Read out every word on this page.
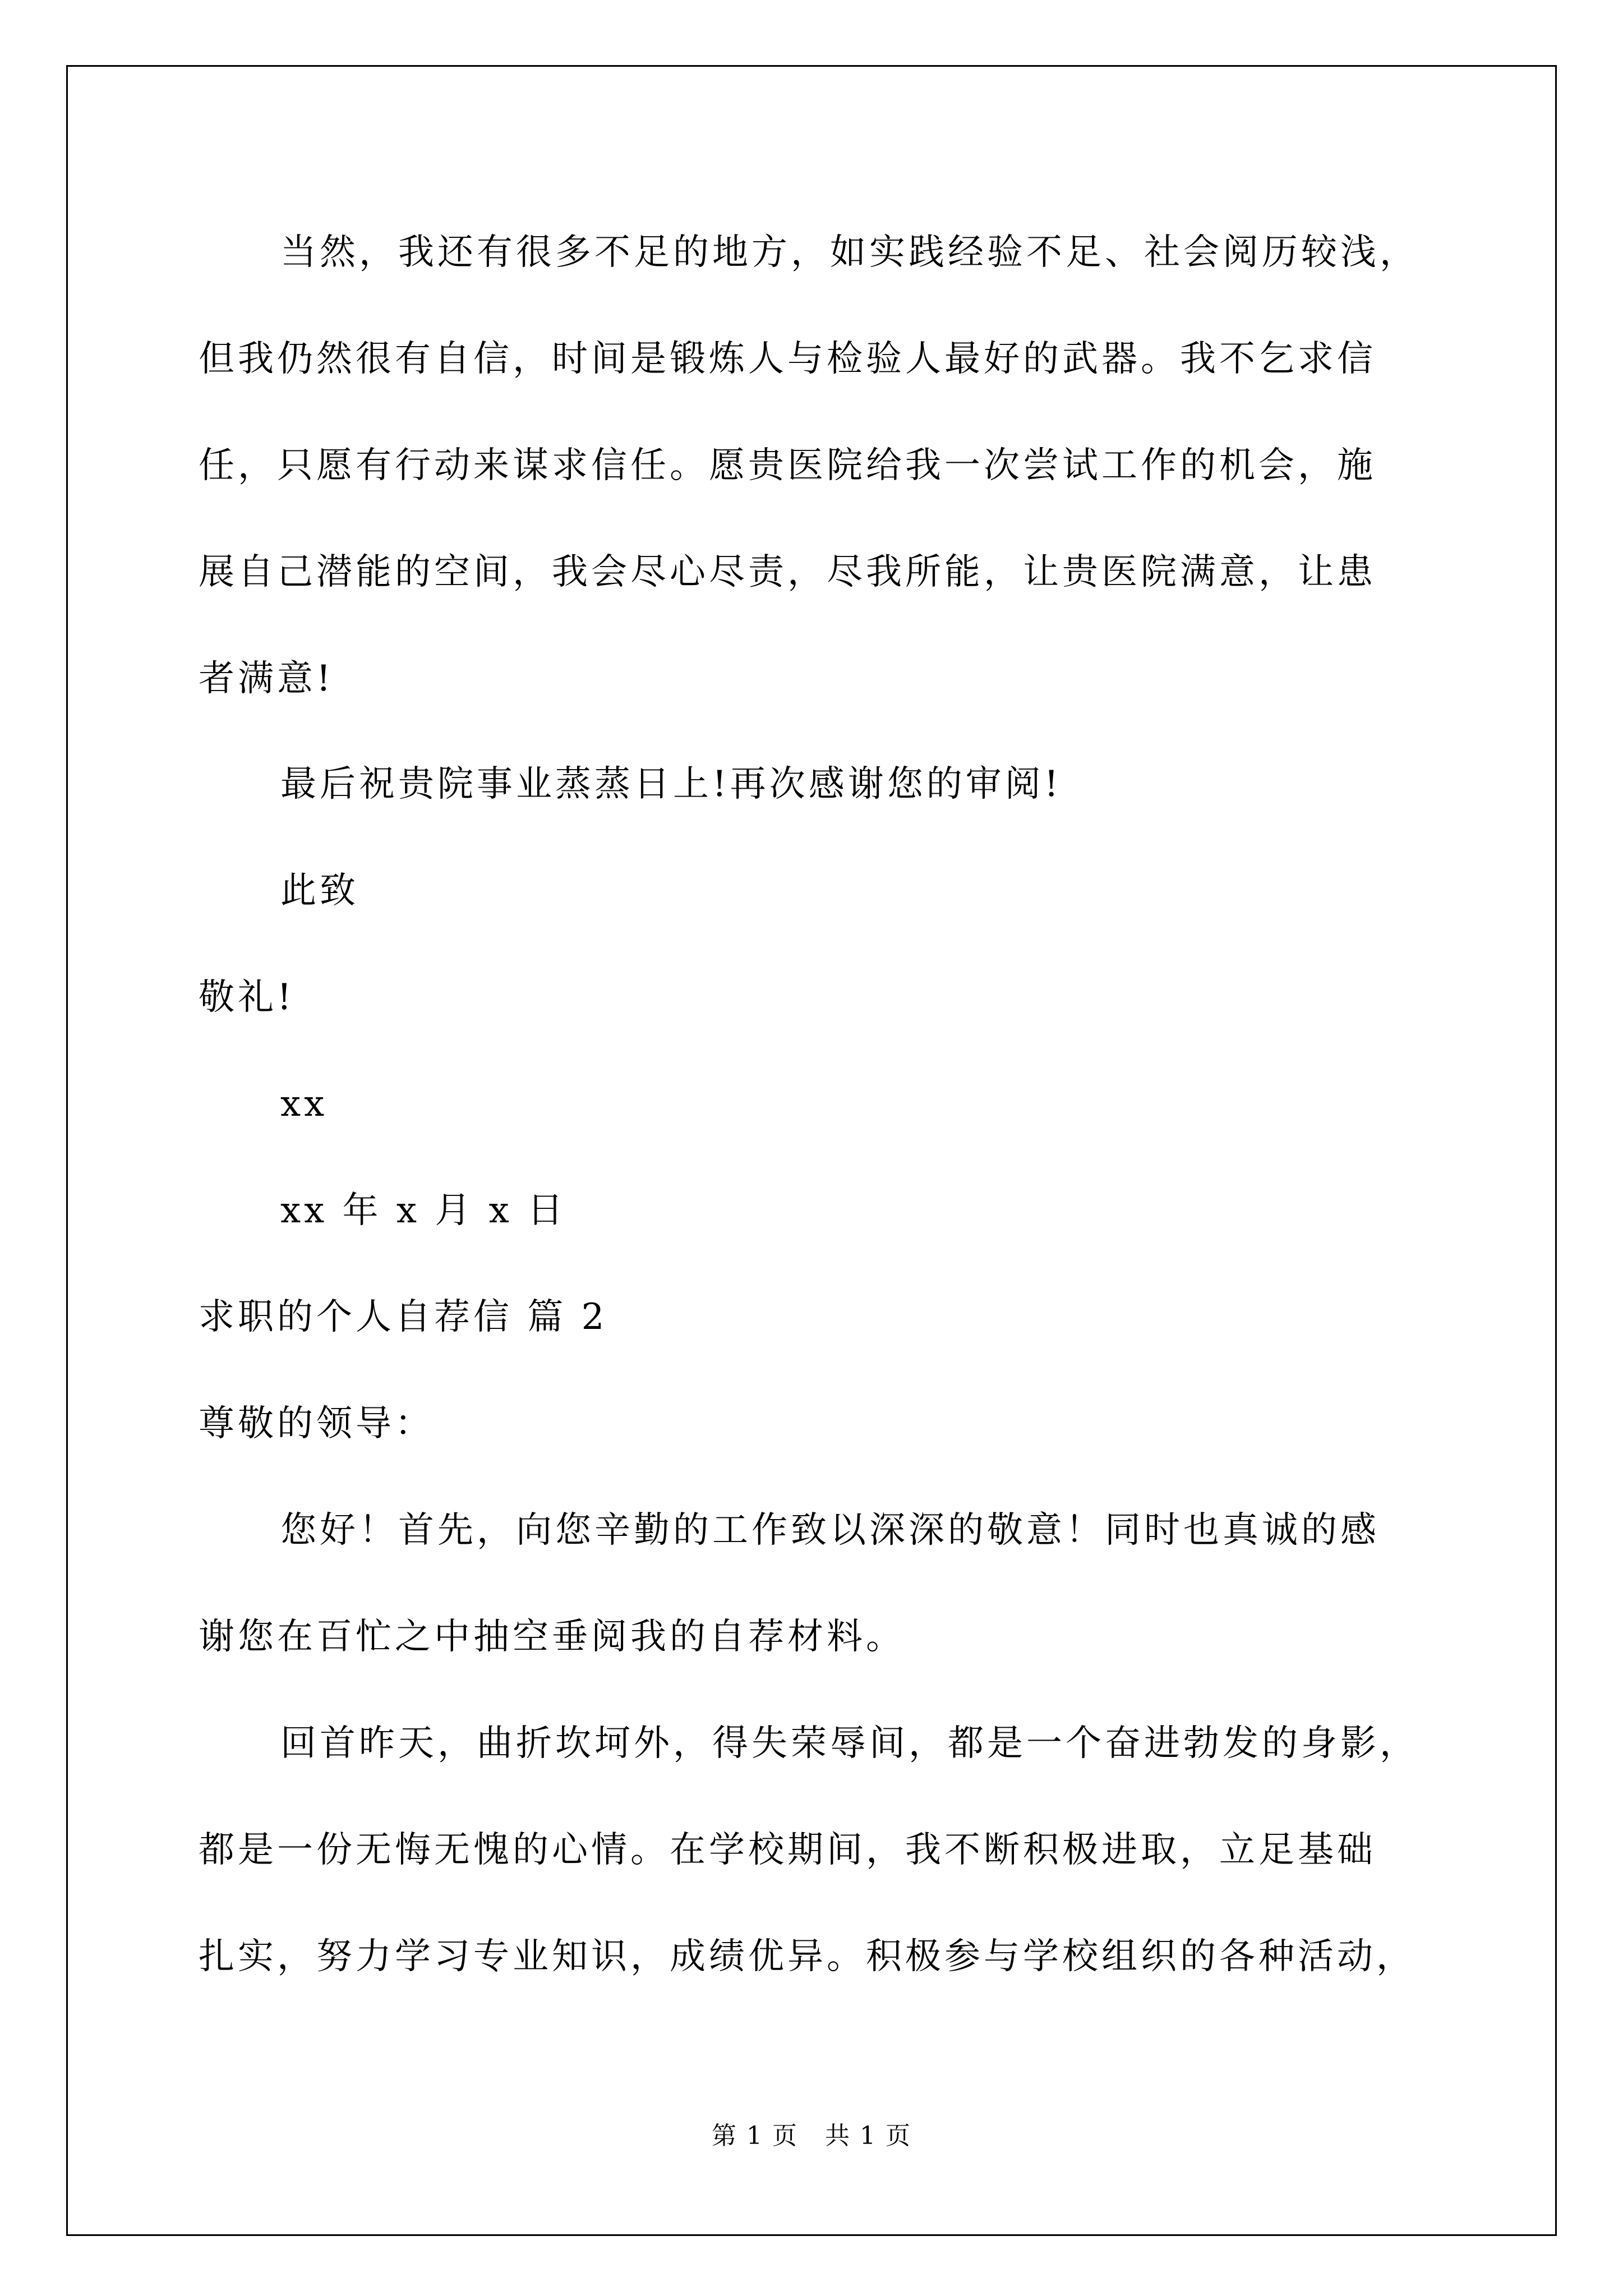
当然，我还有很多不足的地方，如实践经验不足、社会阅历较浅，
但我仍然很有自信，时间是锻炼人与检验人最好的武器。我不乞求信
任，只愿有行动来谋求信任。愿贵医院给我一次尝试工作的机会，施
展自己潜能的空间，我会尽心尽责，尽我所能，让贵医院满意，让患
者满意!
最后祝贵院事业蒸蒸日上!再次感谢您的审阅!
此致
敬礼!
xx
xx 年 x 月 x 日
求职的个人自荐信 篇 2
尊敬的领导：
您好！首先，向您辛勤的工作致以深深的敬意！同时也真诚的感
谢您在百忙之中抽空垂阅我的自荐材料。
回首昨天，曲折坎坷外，得失荣辱间，都是一个奋进勃发的身影，
都是一份无悔无愧的心情。在学校期间，我不断积极进取，立足基础
扎实，努力学习专业知识，成绩优异。积极参与学校组织的各种活动，
第 1 页 共 1 页
